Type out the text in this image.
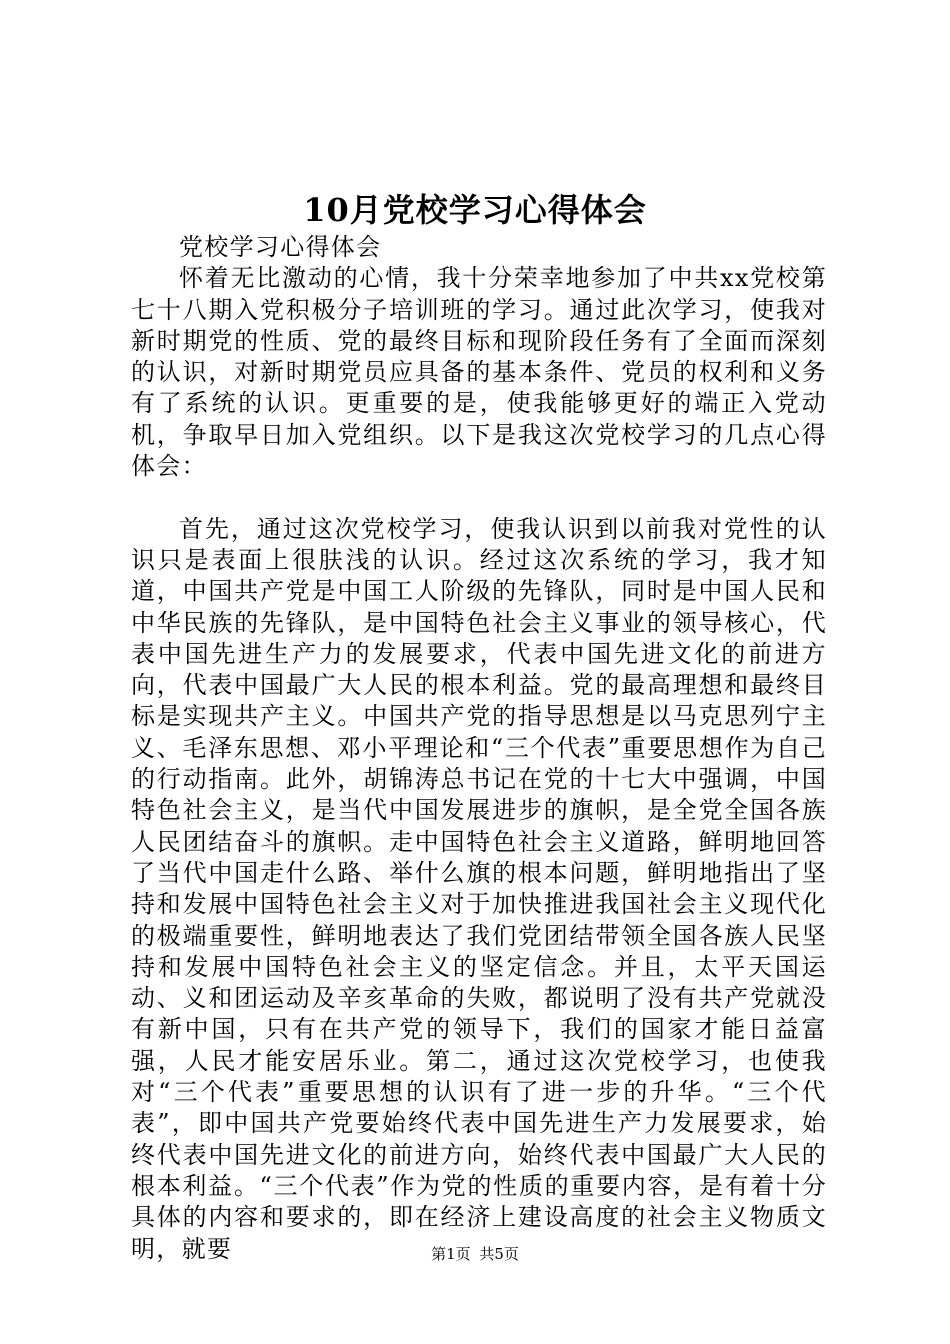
10月党校学习心得体会

党校学习心得体会

怀着无比激动的心情，我十分荣幸地参加了中共xx党校第七十八期入党积极分子培训班的学习。通过此次学习，使我对新时期党的性质、党的最终目标和现阶段任务有了全面而深刻的认识，对新时期党员应具备的基本条件、党员的权利和义务有了系统的认识。更重要的是，使我能够更好的端正入党动机，争取早日加入党组织。以下是我这次党校学习的几点心得体会：

首先，通过这次党校学习，使我认识到以前我对党性的认识只是表面上很肤浅的认识。经过这次系统的学习，我才知道，中国共产党是中国工人阶级的先锋队，同时是中国人民和中华民族的先锋队，是中国特色社会主义事业的领导核心，代表中国先进生产力的发展要求，代表中国先进文化的前进方向，代表中国最广大人民的根本利益。党的最高理想和最终目标是实现共产主义。中国共产党的指导思想是以马克思列宁主义、毛泽东思想、邓小平理论和“三个代表”重要思想作为自己的行动指南。此外，胡锦涛总书记在党的十七大中强调，中国特色社会主义，是当代中国发展进步的旗帜，是全党全国各族人民团结奋斗的旗帜。走中国特色社会主义道路，鲜明地回答了当代中国走什么路、举什么旗的根本问题，鲜明地指出了坚持和发展中国特色社会主义对于加快推进我国社会主义现代化的极端重要性，鲜明地表达了我们党团结带领全国各族人民坚持和发展中国特色社会主义的坚定信念。并且，太平天国运动、义和团运动及辛亥革命的失败，都说明了没有共产党就没有新中国，只有在共产党的领导下，我们的国家才能日益富强，人民才能安居乐业。第二，通过这次党校学习，也使我对“三个代表”重要思想的认识有了进一步的升华。“三个代表”，即中国共产党要始终代表中国先进生产力发展要求，始终代表中国先进文化的前进方向，始终代表中国最广大人民的根本利益。“三个代表”作为党的性质的重要内容，是有着十分具体的内容和要求的，即在经济上建设高度的社会主义物质文明，就要	第1页 共5页
